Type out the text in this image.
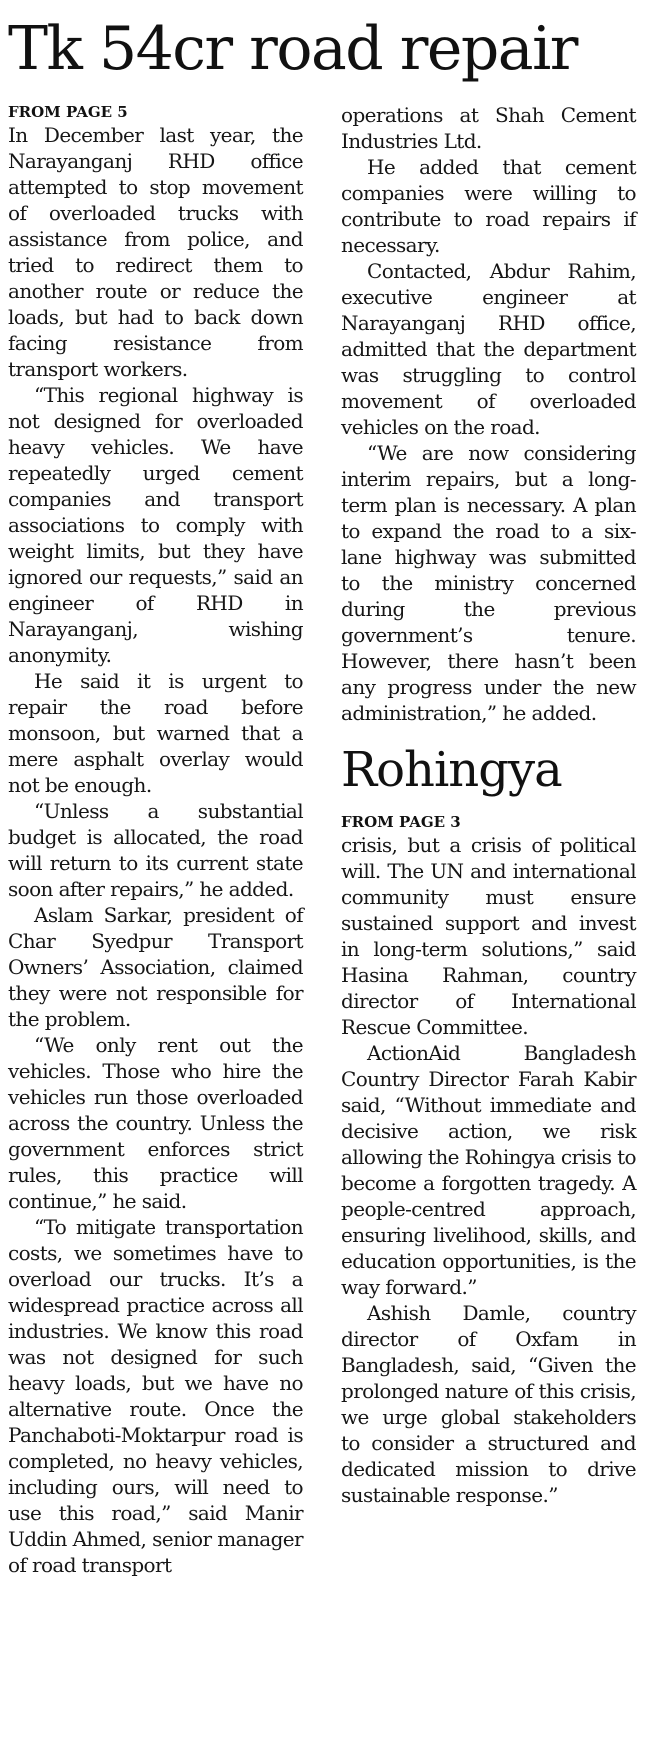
Tk 54cr road repair

FROM PAGE 5

In December last year, the Narayanganj RHD office attempted to stop movement of overloaded trucks with assistance from police, and tried to redirect them to another route or reduce the loads, but had to back down facing resistance from transport workers.

“This regional highway is not designed for overloaded heavy vehicles. We have repeatedly urged cement companies and transport associations to comply with weight limits, but they have ignored our requests,” said an engineer of RHD in Narayanganj, wishing anonymity.

He said it is urgent to repair the road before monsoon, but warned that a mere asphalt overlay would not be enough.

“Unless a substantial budget is allocated, the road will return to its current state soon after repairs,” he added.

Aslam Sarkar, president of Char Syedpur Transport Owners’ Association, claimed they were not responsible for the problem.

“We only rent out the vehicles. Those who hire the vehicles run those overloaded across the country. Unless the government enforces strict rules, this practice will continue,” he said.

“To mitigate transportation costs, we sometimes have to overload our trucks. It’s a widespread practice across all industries. We know this road was not designed for such heavy loads, but we have no alternative route. Once the Panchaboti-Moktarpur road is completed, no heavy vehicles, including ours, will need to use this road,” said Manir Uddin Ahmed, senior manager of road transport

operations at Shah Cement Industries Ltd.

He added that cement companies were willing to contribute to road repairs if necessary.

Contacted, Abdur Rahim, executive engineer at Narayanganj RHD office, admitted that the department was struggling to control movement of overloaded vehicles on the road.

“We are now considering interim repairs, but a long-term plan is necessary. A plan to expand the road to a six-lane highway was submitted to the ministry concerned during the previous government’s tenure. However, there hasn’t been any progress under the new administration,” he added.

Rohingya

FROM PAGE 3

crisis, but a crisis of political will. The UN and international community must ensure sustained support and invest in long-term solutions,” said Hasina Rahman, country director of International Rescue Committee.

ActionAid Bangladesh Country Director Farah Kabir said, “Without immediate and decisive action, we risk allowing the Rohingya crisis to become a forgotten tragedy. A people-centred approach, ensuring livelihood, skills, and education opportunities, is the way forward.”

Ashish Damle, country director of Oxfam in Bangladesh, said, “Given the prolonged nature of this crisis, we urge global stakeholders to consider a structured and dedicated mission to drive sustainable response.”
